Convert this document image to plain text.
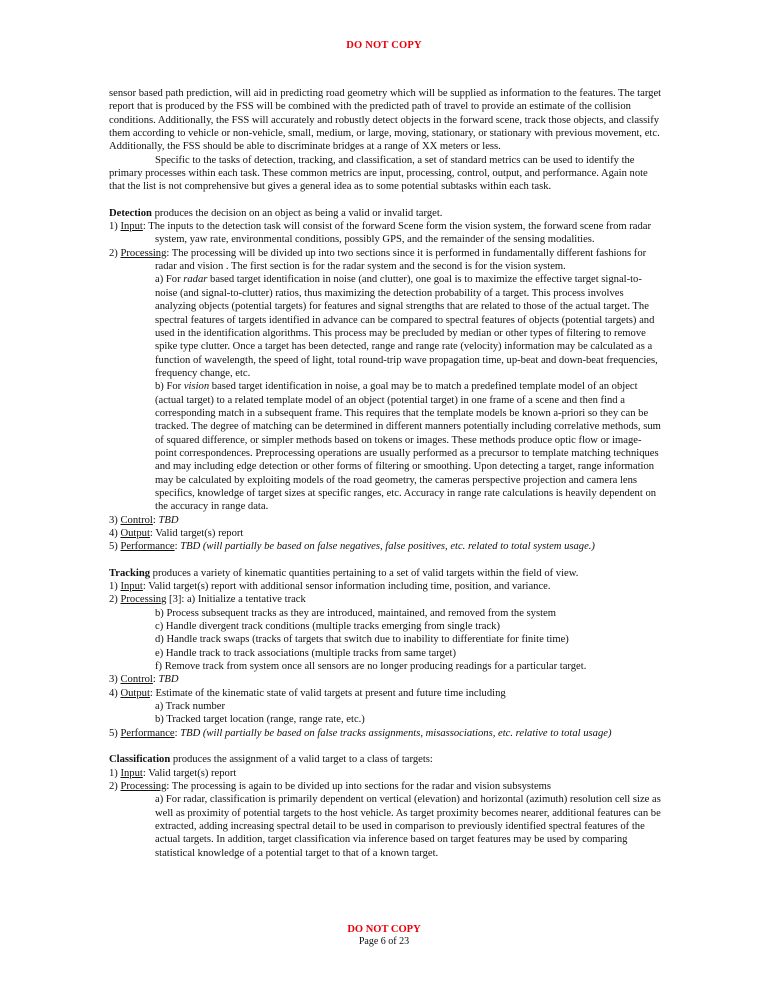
DO NOT COPY

sensor based path prediction, will aid in predicting road geometry which will be supplied as information to the features. The target report that is produced by the FSS will be combined with the predicted path of travel to provide an estimate of the collision conditions. Additionally, the FSS will accurately and robustly detect objects in the forward scene, track those objects, and classify them according to vehicle or non-vehicle, small, medium, or large, moving, stationary, or stationary with previous movement, etc. Additionally, the FSS should be able to discriminate bridges at a range of XX meters or less.

Specific to the tasks of detection, tracking, and classification, a set of standard metrics can be used to identify the primary processes within each task. These common metrics are input, processing, control, output, and performance. Again note that the list is not comprehensive but gives a general idea as to some potential subtasks within each task.

Detection produces the decision on an object as being a valid or invalid target.

1) Input: The inputs to the detection task will consist of the forward Scene form the vision system, the forward scene from radar system, yaw rate, environmental conditions, possibly GPS, and the remainder of the sensing modalities.

2) Processing: The processing will be divided up into two sections since it is performed in fundamentally different fashions for radar and vision . The first section is for the radar system and the second is for the vision system.

a) For radar based target identification in noise (and clutter), one goal is to maximize the effective target signal-to-noise (and signal-to-clutter) ratios, thus maximizing the detection probability of a target. This process involves analyzing objects (potential targets) for features and signal strengths that are related to those of the actual target. The spectral features of targets identified in advance can be compared to spectral features of objects (potential targets) and used in the identification algorithms. This process may be precluded by median or other types of filtering to remove spike type clutter. Once a target has been detected, range and range rate (velocity) information may be calculated as a function of wavelength, the speed of light, total round-trip wave propagation time, up-beat and down-beat frequencies, frequency change, etc.

b) For vision based target identification in noise, a goal may be to match a predefined template model of an object (actual target) to a related template model of an object (potential target) in one frame of a scene and then find a corresponding match in a subsequent frame. This requires that the template models be known a-priori so they can be tracked. The degree of matching can be determined in different manners potentially including correlative methods, sum of squared difference, or simpler methods based on tokens or images. These methods produce optic flow or image-point correspondences. Preprocessing operations are usually performed as a precursor to template matching techniques and may including edge detection or other forms of filtering or smoothing. Upon detecting a target, range information may be calculated by exploiting models of the road geometry, the cameras perspective projection and camera lens specifics, knowledge of target sizes at specific ranges, etc. Accuracy in range rate calculations is heavily dependent on the accuracy in range data.

3) Control: TBD

4) Output: Valid target(s) report

5) Performance: TBD (will partially be based on false negatives, false positives, etc. related to total system usage.)

Tracking produces a variety of kinematic quantities pertaining to a set of valid targets within the field of view.

1) Input: Valid target(s) report with additional sensor information including time, position, and variance.

2) Processing [3]: a) Initialize a tentative track

b) Process subsequent tracks as they are introduced, maintained, and removed from the system

c) Handle divergent track conditions (multiple tracks emerging from single track)

d) Handle track swaps (tracks of targets that switch due to inability to differentiate for finite time)

e) Handle track to track associations (multiple tracks from same target)

f) Remove track from system once all sensors are no longer producing readings for a particular target.

3) Control: TBD

4) Output: Estimate of the kinematic state of valid targets at present and future time including

a) Track number

b) Tracked target location (range, range rate, etc.)

5) Performance: TBD (will partially be based on false tracks assignments, misassociations, etc. relative to total usage)

Classification produces the assignment of a valid target to a class of targets:

1) Input: Valid target(s) report

2) Processing: The processing is again to be divided up into sections for the radar and vision subsystems

a) For radar, classification is primarily dependent on vertical (elevation) and horizontal (azimuth) resolution cell size as well as proximity of potential targets to the host vehicle. As target proximity becomes nearer, additional features can be extracted, adding increasing spectral detail to be used in comparison to previously identified spectral features of the actual targets. In addition, target classification via inference based on target features may be used by comparing statistical knowledge of a potential target to that of a known target.

DO NOT COPY
Page 6 of 23
